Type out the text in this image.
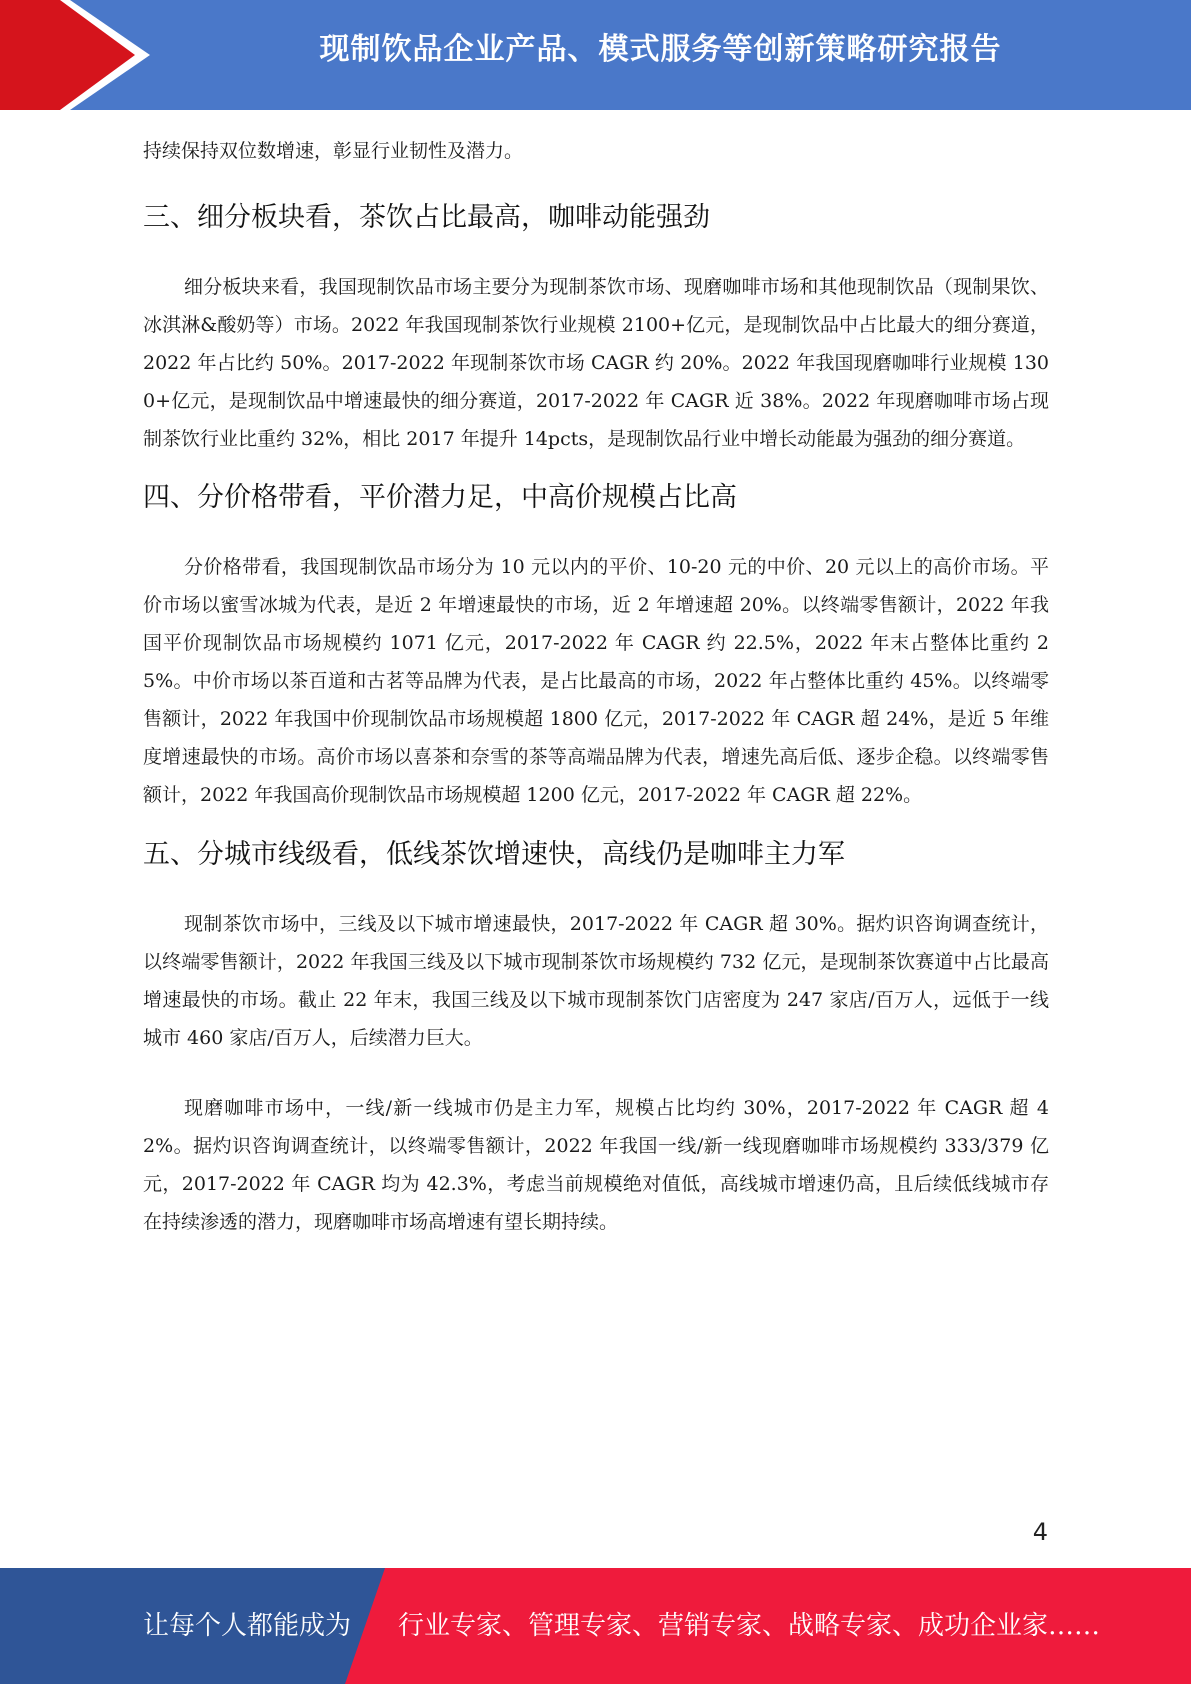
现制饮品企业产品、模式服务等创新策略研究报告

持续保持双位数增速，彰显行业韧性及潜力。

三、细分板块看，茶饮占比最高，咖啡动能强劲

细分板块来看，我国现制饮品市场主要分为现制茶饮市场、现磨咖啡市场和其他现制饮品（现制果饮、冰淇淋&酸奶等）市场。2022 年我国现制茶饮行业规模 2100+亿元，是现制饮品中占比最大的细分赛道，2022 年占比约 50%。2017-2022 年现制茶饮市场 CAGR 约 20%。2022 年我国现磨咖啡行业规模 1300+亿元，是现制饮品中增速最快的细分赛道，2017-2022 年 CAGR 近 38%。2022 年现磨咖啡市场占现制茶饮行业比重约 32%，相比 2017 年提升 14pcts，是现制饮品行业中增长动能最为强劲的细分赛道。

四、分价格带看，平价潜力足，中高价规模占比高

分价格带看，我国现制饮品市场分为 10 元以内的平价、10-20 元的中价、20 元以上的高价市场。平价市场以蜜雪冰城为代表，是近 2 年增速最快的市场，近 2 年增速超 20%。以终端零售额计，2022 年我国平价现制饮品市场规模约 1071 亿元，2017-2022 年 CAGR 约 22.5%，2022 年末占整体比重约 25%。中价市场以茶百道和古茗等品牌为代表，是占比最高的市场，2022 年占整体比重约 45%。以终端零售额计，2022 年我国中价现制饮品市场规模超 1800 亿元，2017-2022 年 CAGR 超 24%，是近 5 年维度增速最快的市场。高价市场以喜茶和奈雪的茶等高端品牌为代表，增速先高后低、逐步企稳。以终端零售额计，2022 年我国高价现制饮品市场规模超 1200 亿元，2017-2022 年 CAGR 超 22%。

五、分城市线级看，低线茶饮增速快，高线仍是咖啡主力军

现制茶饮市场中，三线及以下城市增速最快，2017-2022 年 CAGR 超 30%。据灼识咨询调查统计，以终端零售额计，2022 年我国三线及以下城市现制茶饮市场规模约 732 亿元，是现制茶饮赛道中占比最高增速最快的市场。截止 22 年末，我国三线及以下城市现制茶饮门店密度为 247 家店/百万人，远低于一线城市 460 家店/百万人，后续潜力巨大。

现磨咖啡市场中，一线/新一线城市仍是主力军，规模占比均约 30%，2017-2022 年 CAGR 超 42%。据灼识咨询调查统计，以终端零售额计，2022 年我国一线/新一线现磨咖啡市场规模约 333/379 亿元，2017-2022 年 CAGR 均为 42.3%，考虑当前规模绝对值低，高线城市增速仍高，且后续低线城市存在持续渗透的潜力，现磨咖啡市场高增速有望长期持续。

4
让每个人都能成为 行业专家、管理专家、营销专家、战略专家、成功企业家……
